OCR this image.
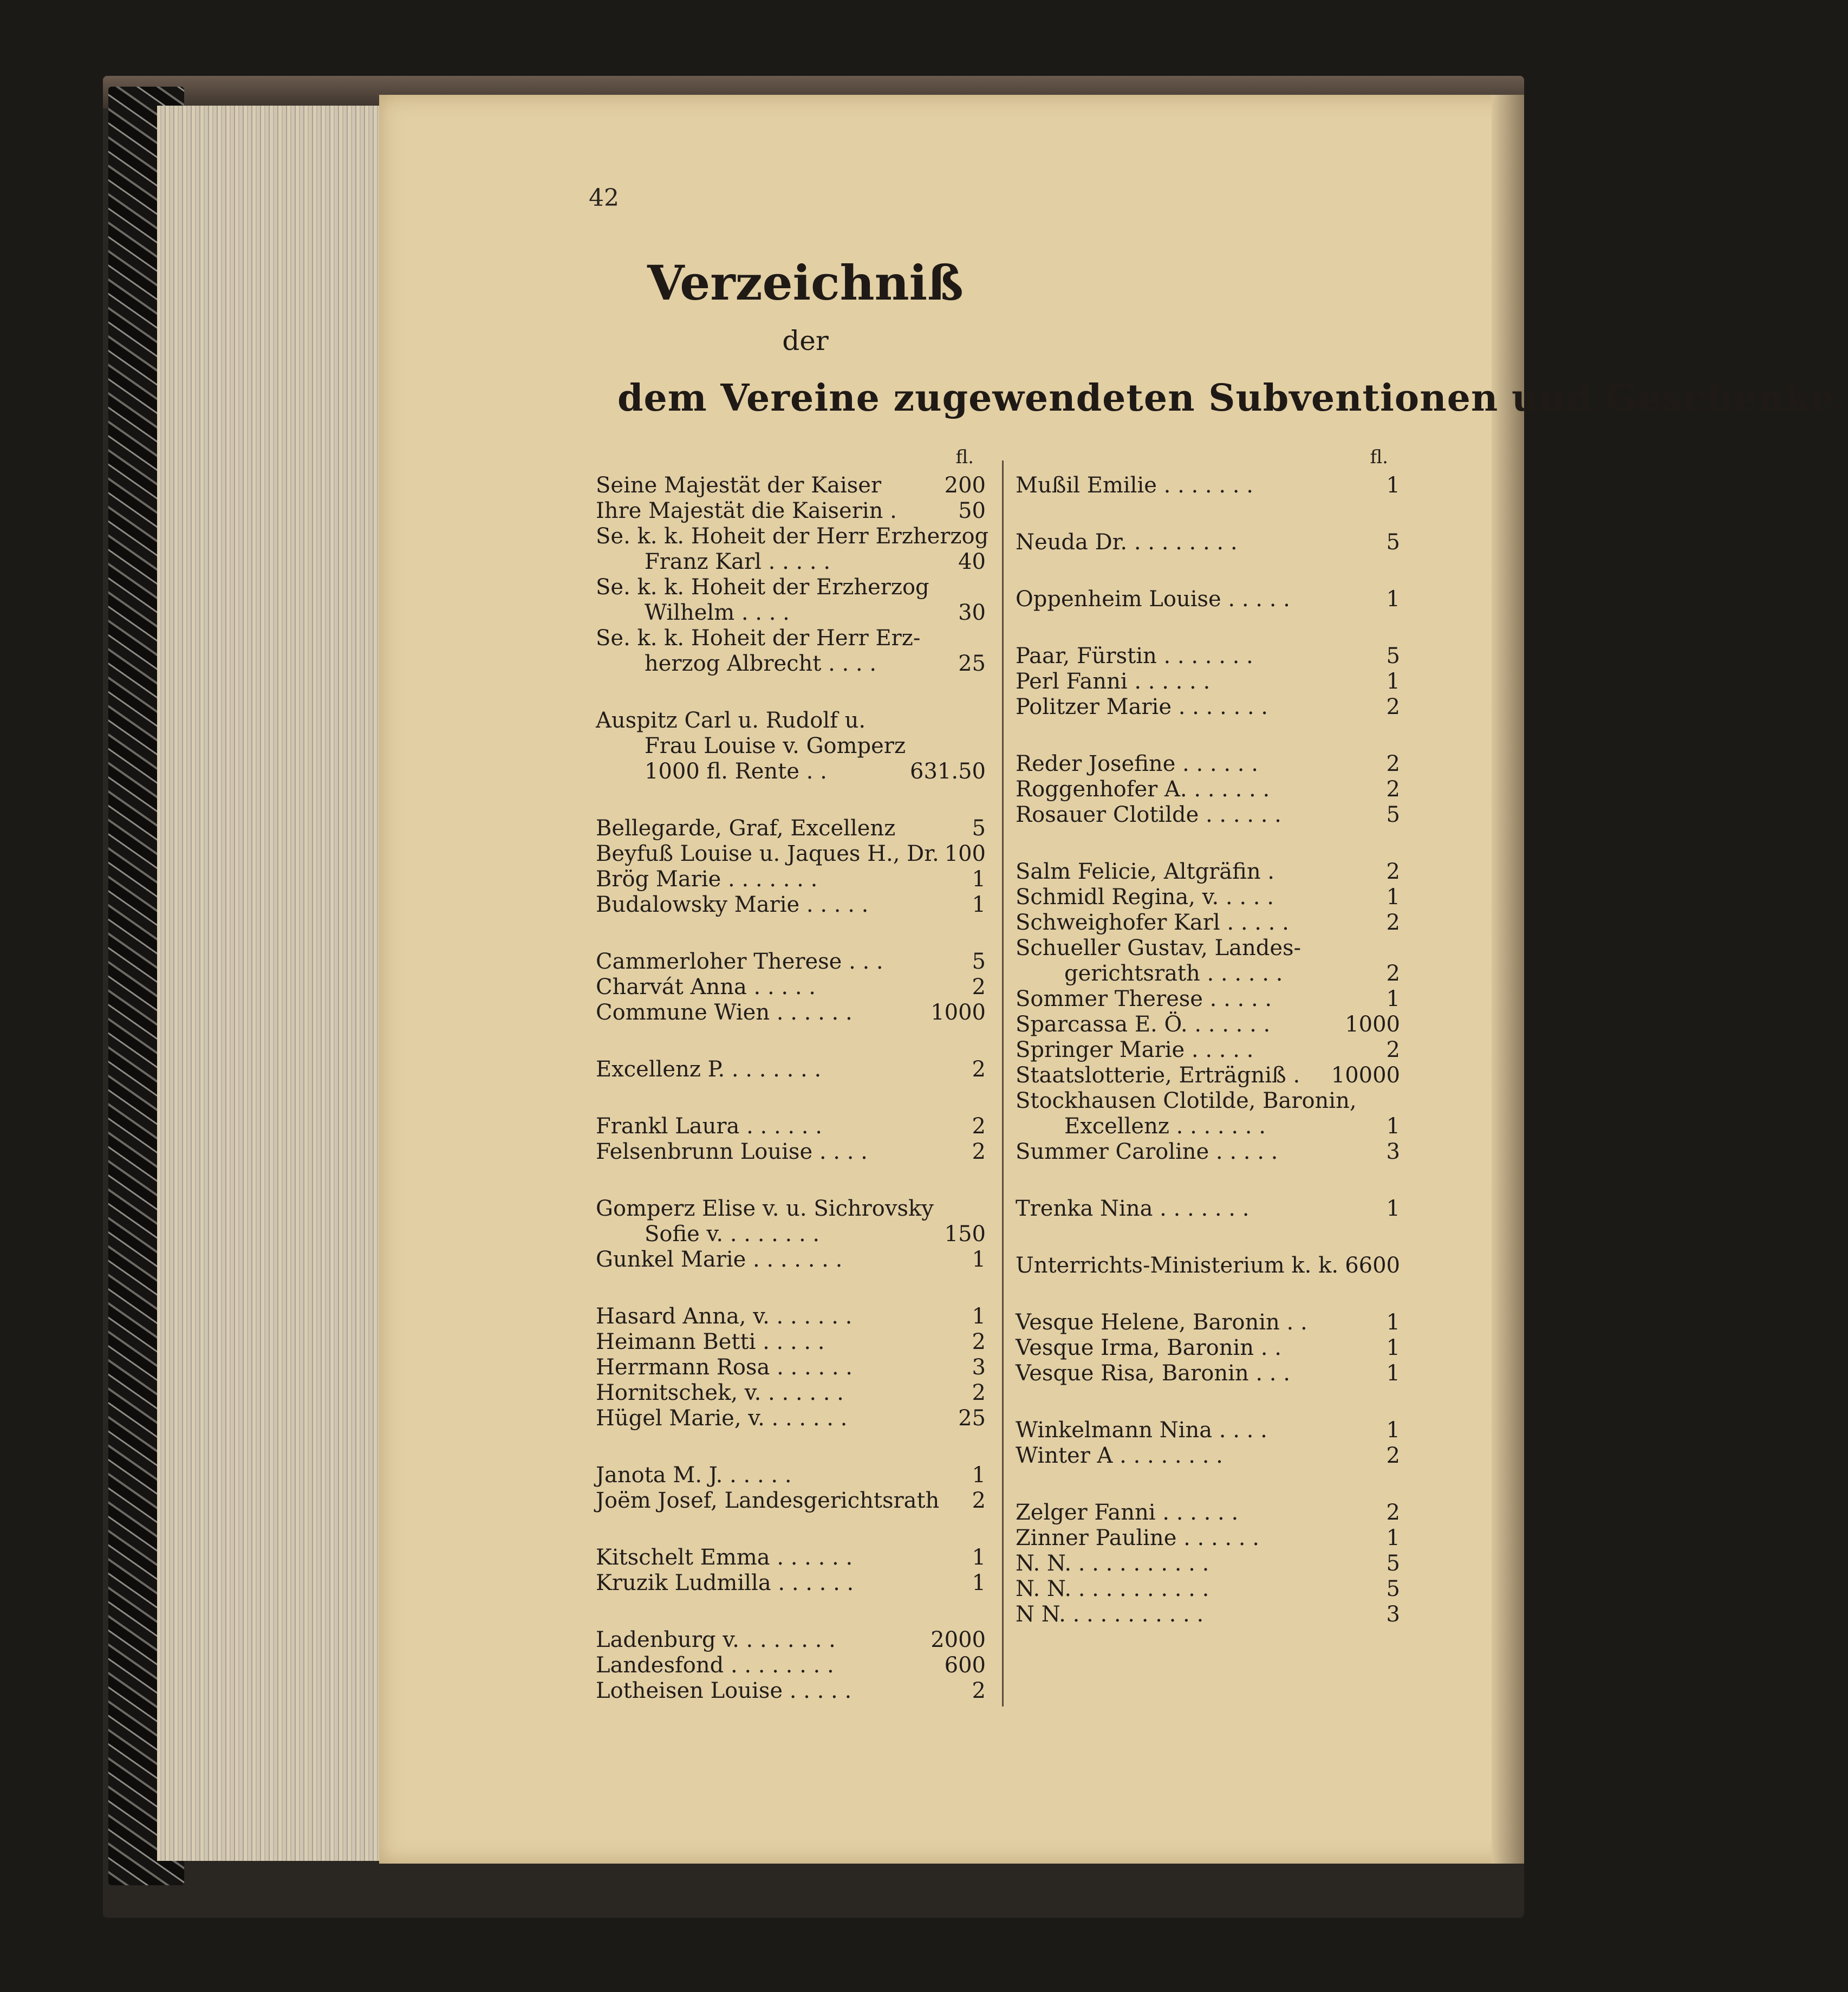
42
Verzeichniß
der
dem Vereine zugewendeten Subventionen und Geschenke.
fl.
Seine Majestät der Kaiser	200
Ihre Majestät die Kaiserin .	50
Se. k. k. Hoheit der Herr Erzherzog
Franz Karl . . . . .	40
Se. k. k. Hoheit der Erzherzog
Wilhelm . . . .	30
Se. k. k. Hoheit der Herr Erz-
herzog Albrecht . . . .	25
Auspitz Carl u. Rudolf u.
Frau Louise v. Gomperz
1000 fl. Rente . .	631.50
Bellegarde, Graf, Excellenz	5
Beyfuß Louise u. Jaques H., Dr. 100
Brög Marie . . . . . . .	1
Budalowsky Marie . . . . .	1
Cammerloher Therese . . .	5
Charvát Anna . . . . .	2
Commune Wien . . . . . .	1000
Excellenz P. . . . . . . .	2
Frankl Laura . . . . . .	2
Felsenbrunn Louise . . . .	2
Gomperz Elise v. u. Sichrovsky
Sofie v. . . . . . . .	150
Gunkel Marie . . . . . . .	1
Hasard Anna, v. . . . . . .	1
Heimann Betti . . . . .	2
Herrmann Rosa . . . . . .	3
Hornitschek, v. . . . . . .	2
Hügel Marie, v. . . . . . .	25
Janota M. J. . . . . .	1
Joëm Josef, Landesgerichtsrath	2
Kitschelt Emma . . . . . .	1
Kruzik Ludmilla . . . . . .	1
Ladenburg v. . . . . . . .	2000
Landesfond . . . . . . . .	600
Lotheisen Louise . . . . .	2
fl.
Mußil Emilie . . . . . . .	1
Neuda Dr. . . . . . . . .	5
Oppenheim Louise . . . . .	1
Paar, Fürstin . . . . . . .	5
Perl Fanni . . . . . .	1
Politzer Marie . . . . . . .	2
Reder Josefine . . . . . .	2
Roggenhofer A. . . . . . .	2
Rosauer Clotilde . . . . . .	5
Salm Felicie, Altgräfin .	2
Schmidl Regina, v. . . . .	1
Schweighofer Karl . . . . .	2
Schueller Gustav, Landes-
gerichtsrath . . . . . .	2
Sommer Therese . . . . .	1
Sparcassa E. Ö. . . . . . .	1000
Springer Marie . . . . .	2
Staatslotterie, Erträgniß .	10000
Stockhausen Clotilde, Baronin,
Excellenz . . . . . . .	1
Summer Caroline . . . . .	3
Trenka Nina . . . . . . .	1
Unterrichts-Ministerium k. k. 6600
Vesque Helene, Baronin . .	1
Vesque Irma, Baronin . .	1
Vesque Risa, Baronin . . .	1
Winkelmann Nina . . . .	1
Winter A . . . . . . . .	2
Zelger Fanni . . . . . .	2
Zinner Pauline . . . . . .	1
N. N. . . . . . . . . . .	5
N. N. . . . . . . . . . .	5
N N. . . . . . . . . . .	3
